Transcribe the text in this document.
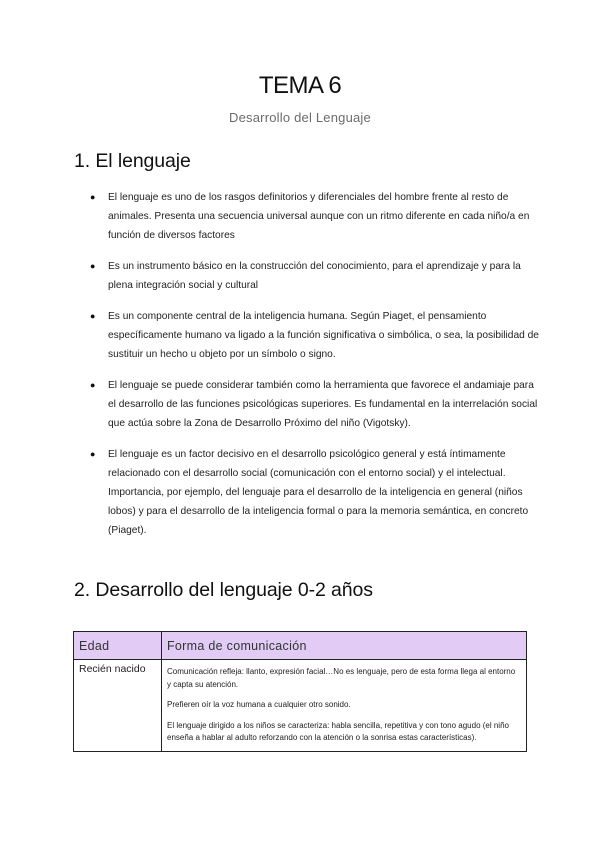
TEMA 6
Desarrollo del Lenguaje
1. El lenguaje
● El lenguaje es uno de los rasgos definitorios y diferenciales del hombre frente al resto de animales. Presenta una secuencia universal aunque con un ritmo diferente en cada niño/a en función de diversos factores
● Es un instrumento básico en la construcción del conocimiento, para el aprendizaje y para la plena integración social y cultural
● Es un componente central de la inteligencia humana. Según Piaget, el pensamiento específicamente humano va ligado a la función significativa o simbólica, o sea, la posibilidad de sustituir un hecho u objeto por un símbolo o signo.
● El lenguaje se puede considerar también como la herramienta que favorece el andamiaje para el desarrollo de las funciones psicológicas superiores. Es fundamental en la interrelación social que actúa sobre la Zona de Desarrollo Próximo del niño (Vigotsky).
● El lenguaje es un factor decisivo en el desarrollo psicológico general y está íntimamente relacionado con el desarrollo social (comunicación con el entorno social) y el intelectual. Importancia, por ejemplo, del lenguaje para el desarrollo de la inteligencia en general (niños lobos) y para el desarrollo de la inteligencia formal o para la memoria semántica, en concreto (Piaget).
2. Desarrollo del lenguaje 0-2 años
Edad	Forma de comunicación
Recién nacido	Comunicación refleja: llanto, expresión facial…No es lenguaje, pero de esta forma llega al entorno y capta su atención.

Prefieren oír la voz humana a cualquier otro sonido.

El lenguaje dirigido a los niños se caracteriza: habla sencilla, repetitiva y con tono agudo (el niño enseña a hablar al adulto reforzando con la atención o la sonrisa estas características).
